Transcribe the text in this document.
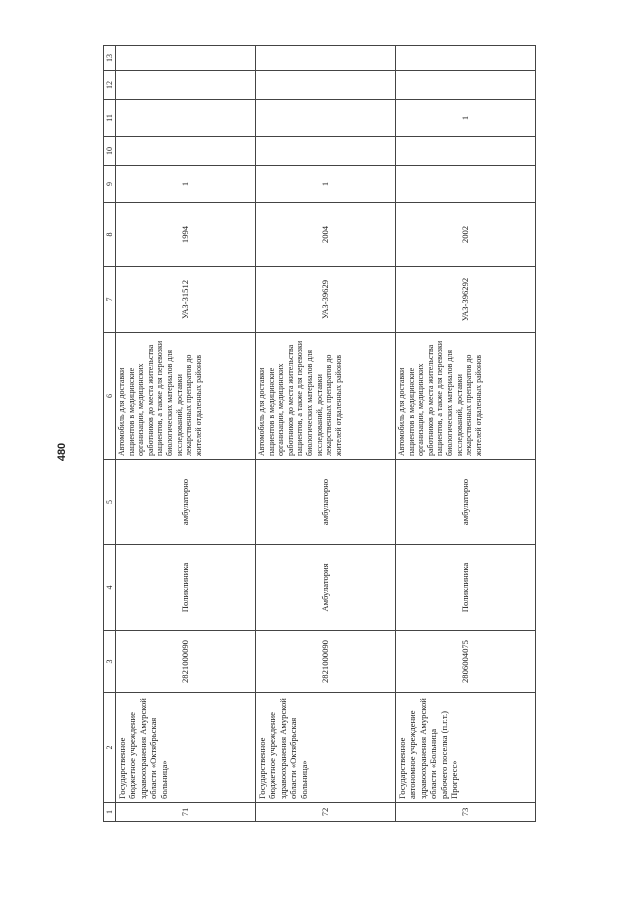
480
1	2	3	4	5	6	7	8	9	10	11	12	13
71	Государственное бюджетное учреждение здравоохранения Амурской области «Октябрьская больница»	2821000090	Поликлиника	амбулаторно	Автомобиль для доставки пациентов в медицинские организации, медицинских работников до места жительства пациентов, а также для перевозки биологических материалов для исследований, доставки лекарственных препаратов до жителей отдаленных районов	УАЗ-31512	1994	1				
72	Государственное бюджетное учреждение здравоохранения Амурской области «Октябрьская больница»	2821000090	Амбулатория	амбулаторно	Автомобиль для доставки пациентов в медицинские организации, медицинских работников до места жительства пациентов, а также для перевозки биологических материалов для исследований, доставки лекарственных препаратов до жителей отдаленных районов	УАЗ-39629	2004	1				
73	Государственное автономное учреждение здравоохранения Амурской области «Больница рабочего поселка (п.г.т.) Прогресс»	2806004075	Поликлиника	амбулаторно	Автомобиль для доставки пациентов в медицинские организации, медицинских работников до места жительства пациентов, а также для перевозки биологических материалов для исследований, доставки лекарственных препаратов до жителей отдаленных районов	УАЗ-396292	2002			1		
